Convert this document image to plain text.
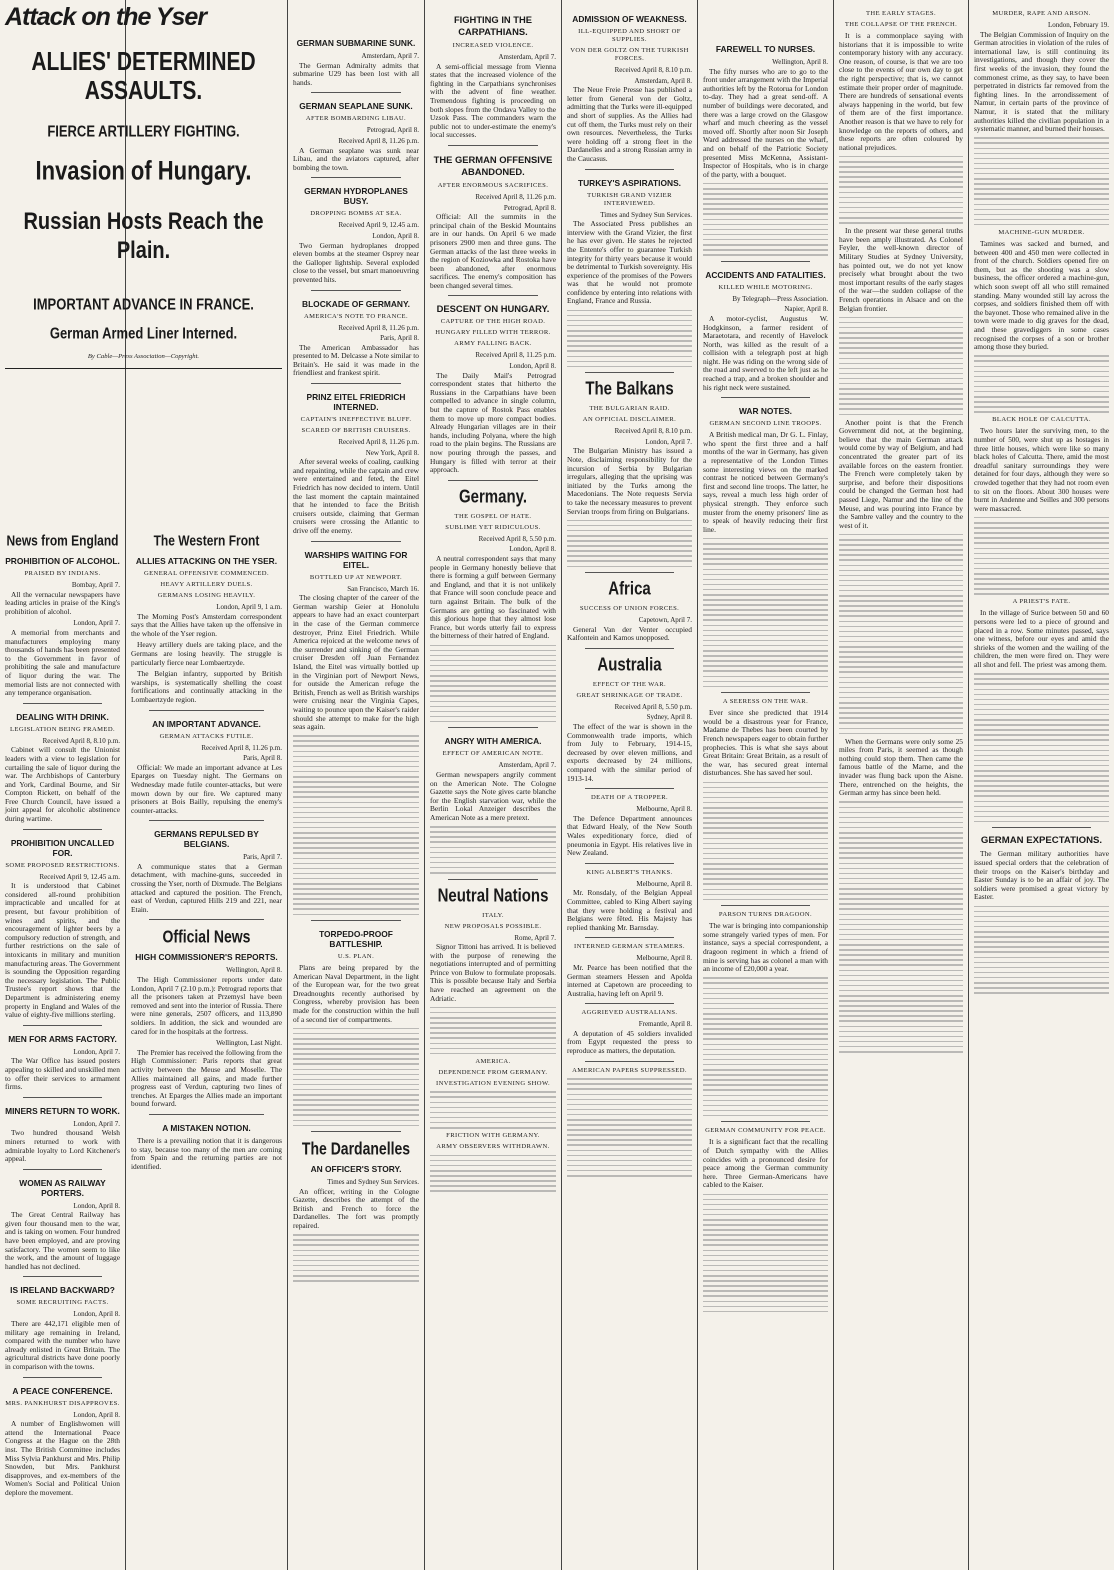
Attack on the Yser
ALLIES' DETERMINED ASSAULTS.
FIERCE ARTILLERY FIGHTING.
Invasion of Hungary.
Russian Hosts Reach the Plain.
IMPORTANT ADVANCE IN FRANCE.
German Armed Liner Interned.
By Cable—Press Association—Copyright.
News from England
PROHIBITION OF ALCOHOL.
PRAISED BY INDIANS.
Bombay, April 7.

All the vernacular newspapers have leading articles in praise of the King's prohibition of alcohol.

London, April 7.

A memorial from merchants and manufacturers employing many thousands of hands has been presented to the Government in favor of prohibiting the sale and manufacture of liquor during the war. The memorial lists are not connected with any temperance organisation.

DEALING WITH DRINK.
LEGISLATION BEING FRAMED.
Received April 8, 8.10 p.m.

Cabinet will consult the Unionist leaders with a view to legislation for curtailing the sale of liquor during the war. The Archbishops of Canterbury and York, Cardinal Bourne, and Sir Compton Rickett, on behalf of the Free Church Council, have issued a joint appeal for alcoholic abstinence during wartime.

PROHIBITION UNCALLED FOR.
SOME PROPOSED RESTRICTIONS.
Received April 9, 12.45 a.m.

It is understood that Cabinet considered all-round prohibition impracticable and uncalled for at present, but favour prohibition of wines and spirits, and the encouragement of lighter beers by a compulsory reduction of strength, and further restrictions on the sale of intoxicants in military and munition manufacturing areas. The Government is sounding the Opposition regarding the necessary legislation. The Public Trustee's report shows that the Department is administering enemy property in England and Wales of the value of eighty-five millions sterling.

MEN FOR ARMS FACTORY.
London, April 7.

The War Office has issued posters appealing to skilled and unskilled men to offer their services to armament firms.

MINERS RETURN TO WORK.
London, April 7.

Two hundred thousand Welsh miners returned to work with admirable loyalty to Lord Kitchener's appeal.

WOMEN AS RAILWAY PORTERS.
London, April 8.

The Great Central Railway has given four thousand men to the war, and is taking on women. Four hundred have been employed, and are proving satisfactory. The women seem to like the work, and the amount of luggage handled has not declined.

IS IRELAND BACKWARD?
SOME RECRUITING FACTS.
London, April 8.

There are 442,171 eligible men of military age remaining in Ireland, compared with the number who have already enlisted in Great Britain. The agricultural districts have done poorly in comparison with the towns.

A PEACE CONFERENCE.
MRS. PANKHURST DISAPPROVES.
London, April 8.

A number of Englishwomen will attend the International Peace Congress at the Hague on the 28th inst. The British Committee includes Miss Sylvia Pankhurst and Mrs. Philip Snowden, but Mrs. Pankhurst disapproves, and ex-members of the Women's Social and Political Union deplore the movement.

The Western Front
ALLIES ATTACKING ON THE YSER.
GENERAL OFFENSIVE COMMENCED.
HEAVY ARTILLERY DUELS.
GERMANS LOSING HEAVILY.
London, April 9, 1 a.m.

The Morning Post's Amsterdam correspondent says that the Allies have taken up the offensive in the whole of the Yser region.

Heavy artillery duels are taking place, and the Germans are losing heavily. The struggle is particularly fierce near Lombaertzyde.

The Belgian infantry, supported by British warships, is systematically shelling the coast fortifications and continually attacking in the Lombaertzyde region.

AN IMPORTANT ADVANCE.
GERMAN ATTACKS FUTILE.
Received April 8, 11.26 p.m.
Paris, April 8.

Official: We made an important advance at Les Eparges on Tuesday night. The Germans on Wednesday made futile counter-attacks, but were mown down by our fire. We captured many prisoners at Bois Bailly, repulsing the enemy's counter-attacks.

GERMANS REPULSED BY BELGIANS.
Paris, April 7.

A communique states that a German detachment, with machine-guns, succeeded in crossing the Yser, north of Dixmude. The Belgians attacked and captured the position. The French, east of Verdun, captured Hills 219 and 221, near Etain.

Official News
HIGH COMMISSIONER'S REPORTS.
Wellington, April 8.

The High Commissioner reports under date London, April 7 (2.10 p.m.): Petrograd reports that all the prisoners taken at Przemysl have been removed and sent into the interior of Russia. There were nine generals, 2507 officers, and 113,890 soldiers. In addition, the sick and wounded are cared for in the hospitals at the fortress.

Wellington, Last Night.

The Premier has received the following from the High Commissioner: Paris reports that great activity between the Meuse and Moselle. The Allies maintained all gains, and made further progress east of Verdun, capturing two lines of trenches. At Eparges the Allies made an important bound forward.

A MISTAKEN NOTION.

There is a prevailing notion that it is dangerous to stay, because too many of the men are coming from Spain and the returning parties are not identified.

GERMAN SUBMARINE SUNK.
Amsterdam, April 7.

The German Admiralty admits that submarine U29 has been lost with all hands.

GERMAN SEAPLANE SUNK.
AFTER BOMBARDING LIBAU.
Petrograd, April 8.
Received April 8, 11.26 p.m.

A German seaplane was sunk near Libau, and the aviators captured, after bombing the town.

GERMAN HYDROPLANES BUSY.
DROPPING BOMBS AT SEA.
Received April 9, 12.45 a.m.
London, April 8.

Two German hydroplanes dropped eleven bombs at the steamer Osprey near the Galloper lightship. Several exploded close to the vessel, but smart manoeuvring prevented hits.

BLOCKADE OF GERMANY.
AMERICA'S NOTE TO FRANCE.
Received April 8, 11.26 p.m.
Paris, April 8.

The American Ambassador has presented to M. Delcasse a Note similar to Britain's. He said it was made in the friendliest and frankest spirit.

PRINZ EITEL FRIEDRICH INTERNED.
CAPTAIN'S INEFFECTIVE BLUFF.
SCARED OF BRITISH CRUISERS.
Received April 8, 11.26 p.m.
New York, April 8.

After several weeks of coaling, caulking and repainting, while the captain and crew were entertained and feted, the Eitel Friedrich has now decided to intern. Until the last moment the captain maintained that he intended to face the British cruisers outside, claiming that German cruisers were crossing the Atlantic to drive off the enemy.

WARSHIPS WAITING FOR EITEL.
BOTTLED UP AT NEWPORT.
San Francisco, March 16.

The closing chapter of the career of the German warship Geier at Honolulu appears to have had an exact counterpart in the case of the German commerce destroyer, Prinz Eitel Friedrich. While America rejoiced at the welcome news of the surrender and sinking of the German cruiser Dresden off Juan Fernandez Island, the Eitel was virtually bottled up in the Virginian port of Newport News, for outside the American refuge the British, French as well as British warships were cruising near the Virginia Capes, waiting to pounce upon the Kaiser's raider should she attempt to make for the high seas again.

TORPEDO-PROOF BATTLESHIP.
U.S. PLAN.

Plans are being prepared by the American Naval Department, in the light of the European war, for the two great Dreadnoughts recently authorised by Congress, whereby provision has been made for the construction within the hull of a second tier of compartments.

The Dardanelles
AN OFFICER'S STORY.
Times and Sydney Sun Services.

An officer, writing in the Cologne Gazette, describes the attempt of the British and French to force the Dardanelles. The fort was promptly repaired.

FIGHTING IN THE CARPATHIANS.
INCREASED VIOLENCE.
Amsterdam, April 7.

A semi-official message from Vienna states that the increased violence of the fighting in the Carpathians synchronises with the advent of fine weather. Tremendous fighting is proceeding on both slopes from the Ondava Valley to the Uzsok Pass. The commanders warn the public not to under-estimate the enemy's local successes.

THE GERMAN OFFENSIVE ABANDONED.
AFTER ENORMOUS SACRIFICES.
Received April 8, 11.26 p.m.
Petrograd, April 8.

Official: All the summits in the principal chain of the Beskid Mountains are in our hands. On April 6 we made prisoners 2900 men and three guns. The German attacks of the last three weeks in the region of Koziowka and Rostoka have been abandoned, after enormous sacrifices. The enemy's composition has been changed several times.

DESCENT ON HUNGARY.
CAPTURE OF THE HIGH ROAD.
HUNGARY FILLED WITH TERROR.
ARMY FALLING BACK.
Received April 8, 11.25 p.m.
London, April 8.

The Daily Mail's Petrograd correspondent states that hitherto the Russians in the Carpathians have been compelled to advance in single column, but the capture of Rostok Pass enables them to move up more compact bodies. Already Hungarian villages are in their hands, including Polyana, where the high road to the plain begins. The Russians are now pouring through the passes, and Hungary is filled with terror at their approach.

Germany.
THE GOSPEL OF HATE.
SUBLIME YET RIDICULOUS.
Received April 8, 5.50 p.m.
London, April 8.

A neutral correspondent says that many people in Germany honestly believe that there is forming a gulf between Germany and England, and that it is not unlikely that France will soon conclude peace and turn against Britain. The bulk of the Germans are getting so fascinated with this glorious hope that they almost lose France, but words utterly fail to express the bitterness of their hatred of England.

ANGRY WITH AMERICA.
EFFECT OF AMERICAN NOTE.
Amsterdam, April 7.

German newspapers angrily comment on the American Note. The Cologne Gazette says the Note gives carte blanche for the English starvation war, while the Berlin Lokal Anzeiger describes the American Note as a mere pretext.

Neutral Nations
ITALY.
NEW PROPOSALS POSSIBLE.
Rome, April 7.

Signor Tittoni has arrived. It is believed with the purpose of renewing the negotiations interrupted and of permitting Prince von Bulow to formulate proposals. This is possible because Italy and Serbia have reached an agreement on the Adriatic.

AMERICA.
DEPENDENCE FROM GERMANY.
INVESTIGATION EVENING SHOW.
FRICTION WITH GERMANY.
ARMY OBSERVERS WITHDRAWN.
ADMISSION OF WEAKNESS.
ILL-EQUIPPED AND SHORT OF SUPPLIES.
VON DER GOLTZ ON THE TURKISH FORCES.
Received April 8, 8.10 p.m.
Amsterdam, April 8.

The Neue Freie Presse has published a letter from General von der Goltz, admitting that the Turks were ill-equipped and short of supplies. As the Allies had cut off them, the Turks must rely on their own resources. Nevertheless, the Turks were holding off a strong fleet in the Dardanelles and a strong Russian army in the Caucasus.

TURKEY'S ASPIRATIONS.
TURKISH GRAND VIZIER INTERVIEWED.
Times and Sydney Sun Services.

The Associated Press publishes an interview with the Grand Vizier, the first he has ever given. He states he rejected the Entente's offer to guarantee Turkish integrity for thirty years because it would be detrimental to Turkish sovereignty. His experience of the promises of the Powers was that he would not promote confidence by entering into relations with England, France and Russia.

The Balkans
THE BULGARIAN RAID.
AN OFFICIAL DISCLAIMER.
Received April 8, 8.10 p.m.
London, April 7.

The Bulgarian Ministry has issued a Note, disclaiming responsibility for the incursion of Serbia by Bulgarian irregulars, alleging that the uprising was initiated by the Turks among the Macedonians. The Note requests Servia to take the necessary measures to prevent Servian troops from firing on Bulgarians.

Africa
SUCCESS OF UNION FORCES.
Capetown, April 7.

General Van der Venter occupied Kalfontein and Kamos unopposed.

Australia
EFFECT OF THE WAR.
GREAT SHRINKAGE OF TRADE.
Received April 8, 5.50 p.m.
Sydney, April 8.

The effect of the war is shown in the Commonwealth trade imports, which from July to February, 1914-15, decreased by over eleven millions, and exports decreased by 24 millions, compared with the similar period of 1913-14.

DEATH OF A TROPPER.
Melbourne, April 8.

The Defence Department announces that Edward Healy, of the New South Wales expeditionary force, died of pneumonia in Egypt. His relatives live in New Zealand.

KING ALBERT'S THANKS.
Melbourne, April 8.

Mr. Ronsdaly, of the Belgian Appeal Committee, cabled to King Albert saying that they were holding a festival and Belgians were fêted. His Majesty has replied thanking Mr. Barnsday.

INTERNED GERMAN STEAMERS.
Melbourne, April 8.

Mr. Pearce has been notified that the German steamers Hessen and Apolda interned at Capetown are proceeding to Australia, having left on April 9.

AGGRIEVED AUSTRALIANS.
Fremantle, April 8.

A deputation of 45 soldiers invalided from Egypt requested the press to reproduce as matters, the deputation.

AMERICAN PAPERS SUPPRESSED.
FAREWELL TO NURSES.
Wellington, April 8.

The fifty nurses who are to go to the front under arrangement with the Imperial authorities left by the Rotorua for London to-day. They had a great send-off. A number of buildings were decorated, and there was a large crowd on the Glasgow wharf and much cheering as the vessel moved off. Shortly after noon Sir Joseph Ward addressed the nurses on the wharf, and on behalf of the Patriotic Society presented Miss McKenna, Assistant-Inspector of Hospitals, who is in charge of the party, with a bouquet.

ACCIDENTS AND FATALITIES.
KILLED WHILE MOTORING.
By Telegraph—Press Association.
Napier, April 8.

A motor-cyclist, Augustus W. Hodgkinson, a farmer resident of Maraetotara, and recently of Havelock North, was killed as the result of a collision with a telegraph post at high night. He was riding on the wrong side of the road and swerved to the left just as he reached a trap, and a broken shoulder and his right neck were sustained.

WAR NOTES.
GERMAN SECOND LINE TROOPS.

A British medical man, Dr G. L. Finlay, who spent the first three and a half months of the war in Germany, has given a representative of the London Times some interesting views on the marked contrast he noticed between Germany's first and second line troops. The latter, he says, reveal a much less high order of physical strength. They enforce such muster from the enemy prisoners' line as to speak of heavily reducing their first line.

A SEERESS ON THE WAR.

Ever since she predicted that 1914 would be a disastrous year for France, Madame de Thebes has been courted by French newspapers eager to obtain further prophecies. This is what she says about Great Britain: Great Britain, as a result of the war, has secured great internal disturbances. She has saved her soul.

PARSON TURNS DRAGOON.

The war is bringing into companionship some strangely varied types of men. For instance, says a special correspondent, a dragoon regiment in which a friend of mine is serving has as colonel a man with an income of £20,000 a year.

GERMAN COMMUNITY FOR PEACE.

It is a significant fact that the recalling of Dutch sympathy with the Allies coincides with a pronounced desire for peace among the German community here. Three German-Americans have cabled to the Kaiser.

THE EARLY STAGES.
THE COLLAPSE OF THE FRENCH.

It is a commonplace saying with historians that it is impossible to write contemporary history with any accuracy. One reason, of course, is that we are too close to the events of our own day to get the right perspective; that is, we cannot estimate their proper order of magnitude. There are hundreds of sensational events always happening in the world, but few of them are of the first importance. Another reason is that we have to rely for knowledge on the reports of others, and these reports are often coloured by national prejudices.

In the present war these general truths have been amply illustrated. As Colonel Feyler, the well-known director of Military Studies at Sydney University, has pointed out, we do not yet know precisely what brought about the two most important results of the early stages of the war—the sudden collapse of the French operations in Alsace and on the Belgian frontier.

Another point is that the French Government did not, at the beginning, believe that the main German attack would come by way of Belgium, and had concentrated the greater part of its available forces on the eastern frontier. The French were completely taken by surprise, and before their dispositions could be changed the German host had passed Liege, Namur and the line of the Meuse, and was pouring into France by the Sambre valley and the country to the west of it.

When the Germans were only some 25 miles from Paris, it seemed as though nothing could stop them. Then came the famous battle of the Marne, and the invader was flung back upon the Aisne. There, entrenched on the heights, the German army has since been held.

MURDER, RAPE AND ARSON.
London, February 19.

The Belgian Commission of Inquiry on the German atrocities in violation of the rules of international law, is still continuing its investigations, and though they cover the first weeks of the invasion, they found the commonest crime, as they say, to have been perpetrated in districts far removed from the fighting lines. In the arrondissement of Namur, in certain parts of the province of Namur, it is stated that the military authorities killed the civilian population in a systematic manner, and burned their houses.

MACHINE-GUN MURDER.

Tamines was sacked and burned, and between 400 and 450 men were collected in front of the church. Soldiers opened fire on them, but as the shooting was a slow business, the officer ordered a machine-gun, which soon swept off all who still remained standing. Many wounded still lay across the corpses, and soldiers finished them off with the bayonet. Those who remained alive in the town were made to dig graves for the dead, and these gravediggers in some cases recognised the corpses of a son or brother among those they buried.

BLACK HOLE OF CALCUTTA.

Two hours later the surviving men, to the number of 500, were shut up as hostages in three little houses, which were like so many black holes of Calcutta. There, amid the most dreadful sanitary surroundings they were detained for four days, although they were so crowded together that they had not room even to sit on the floors. About 300 houses were burnt in Andenne and Seilles and 300 persons were massacred.

A PRIEST'S FATE.

In the village of Surice between 50 and 60 persons were led to a piece of ground and placed in a row. Some minutes passed, says one witness, before our eyes and amid the shrieks of the women and the wailing of the children, the men were fired on. They were all shot and fell. The priest was among them.

GERMAN EXPECTATIONS.

The German military authorities have issued special orders that the celebration of their troops on the Kaiser's birthday and Easter Sunday is to be an affair of joy. The soldiers were promised a great victory by Easter.
